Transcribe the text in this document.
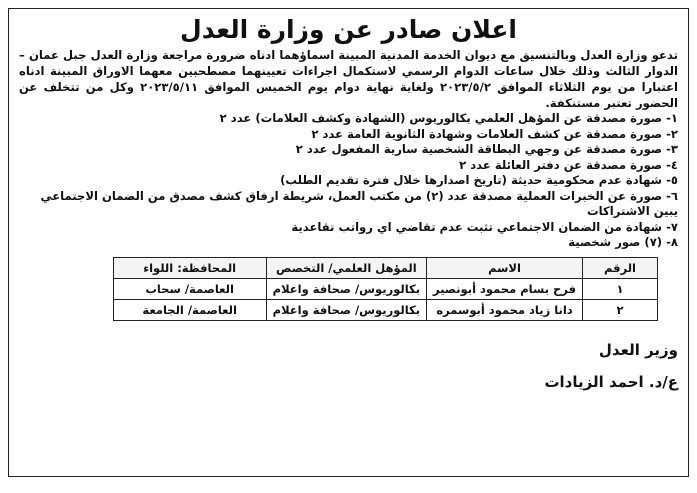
اعلان صادر عن وزارة العدل

تدعو وزارة العدل وبالتنسيق مع ديوان الخدمة المدنية المبينة اسماؤهما ادناه ضرورة مراجعة وزارة العدل جبل عمان – الدوار الثالث وذلك خلال ساعات الدوام الرسمي لاستكمال اجراءات تعيينهما مصطحبين معهما الاوراق المبينة ادناه اعتبارا من يوم الثلاثاء الموافق ٢٠٢٣/٥/٢ ولغاية نهاية دوام يوم الخميس الموافق ٢٠٢٣/٥/١١ وكل من تتخلف عن الحضور تعتبر مستنكفة.

١- صورة مصدقة عن المؤهل العلمي بكالوريوس (الشهادة وكشف العلامات) عدد ٢
٢- صورة مصدقة عن كشف العلامات وشهادة الثانوية العامة عدد ٢
٣- صورة مصدقة عن وجهي البطاقة الشخصية سارية المفعول عدد ٢
٤- صورة مصدقة عن دفتر العائلة عدد ٢
٥- شهادة عدم محكومية حديثة (تاريخ اصدارها خلال فترة تقديم الطلب)
٦- صورة عن الخبرات العملية مصدقة عدد (٢) من مكتب العمل، شريطة ارفاق كشف مصدق من الضمان الاجتماعي يبين الاشتراكات
٧- شهادة من الضمان الاجتماعي تثبت عدم تقاضي اي رواتب تقاعدية
٨- (٧) صور شخصية
الرقم	الاسم	المؤهل العلمي/ التخصص	المحافظة: اللواء
١	فرح بسام محمود أبونصير	بكالوريوس/ صحافة واعلام	العاصمة/ سحاب
٢	دانا زياد محمود أبوسمره	بكالوريوس/ صحافة واعلام	العاصمة/ الجامعة
وزير العدل
ع/د. احمد الزيادات
